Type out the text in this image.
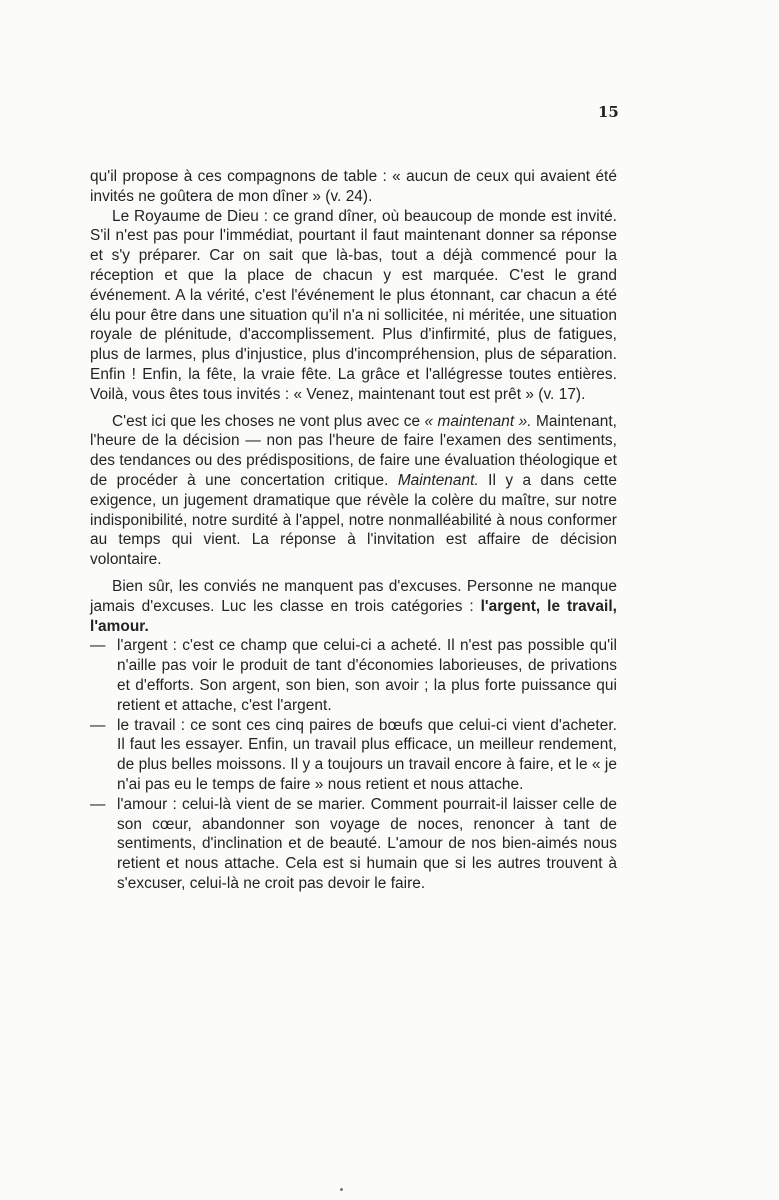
15

qu'il propose à ces compagnons de table : « aucun de ceux qui avaient été invités ne goûtera de mon dîner » (v. 24).

Le Royaume de Dieu : ce grand dîner, où beaucoup de monde est invité. S'il n'est pas pour l'immédiat, pourtant il faut maintenant donner sa réponse et s'y préparer. Car on sait que là-bas, tout a déjà commencé pour la réception et que la place de chacun y est marquée. C'est le grand événement. A la vérité, c'est l'événement le plus étonnant, car chacun a été élu pour être dans une situation qu'il n'a ni sollicitée, ni méritée, une situation royale de plénitude, d'accomplissement. Plus d'infirmité, plus de fatigues, plus de larmes, plus d'injustice, plus d'incompréhension, plus de séparation. Enfin ! Enfin, la fête, la vraie fête. La grâce et l'allégresse toutes entières. Voilà, vous êtes tous invités : « Venez, maintenant tout est prêt » (v. 17).

C'est ici que les choses ne vont plus avec ce « maintenant ». Maintenant, l'heure de la décision — non pas l'heure de faire l'examen des sentiments, des tendances ou des prédispositions, de faire une évaluation théologique et de procéder à une concertation critique. Maintenant. Il y a dans cette exigence, un jugement dramatique que révèle la colère du maître, sur notre indisponibilité, notre surdité à l'appel, notre nonmalléabilité à nous conformer au temps qui vient. La réponse à l'invitation est affaire de décision volontaire.

Bien sûr, les conviés ne manquent pas d'excuses. Personne ne manque jamais d'excuses. Luc les classe en trois catégories : l'argent, le travail, l'amour.

— l'argent : c'est ce champ que celui-ci a acheté. Il n'est pas possible qu'il n'aille pas voir le produit de tant d'économies laborieuses, de privations et d'efforts. Son argent, son bien, son avoir ; la plus forte puissance qui retient et attache, c'est l'argent.
— le travail : ce sont ces cinq paires de bœufs que celui-ci vient d'acheter. Il faut les essayer. Enfin, un travail plus efficace, un meilleur rendement, de plus belles moissons. Il y a toujours un travail encore à faire, et le « je n'ai pas eu le temps de faire » nous retient et nous attache.
— l'amour : celui-là vient de se marier. Comment pourrait-il laisser celle de son cœur, abandonner son voyage de noces, renoncer à tant de sentiments, d'inclination et de beauté. L'amour de nos bien-aimés nous retient et nous attache. Cela est si humain que si les autres trouvent à s'excuser, celui-là ne croit pas devoir le faire.
